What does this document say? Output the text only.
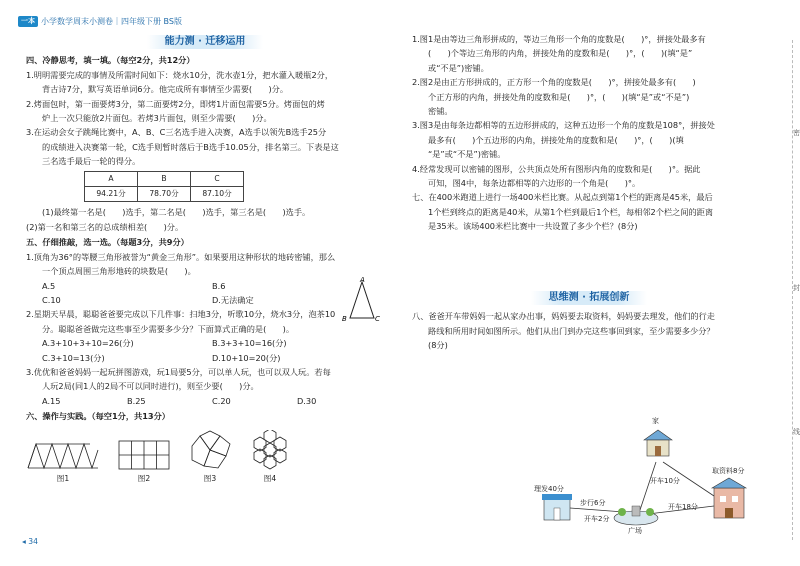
一本 小学数学周末小测卷｜四年级下册 BS版
能力测 · 迁移运用
四、冷静思考，填一填。（每空2分，共12分）

1.明明需要完成的事情及所需时间如下：烧水10分，洗水壶1分，把水灌入暖瓶2分，

背古诗7分，默写英语单词6分。他完成所有事情至少需要(　　)分。

2.烤面包时，第一面要烤3分，第二面要烤2分，即烤1片面包需要5分。烤面包的烤

炉上一次只能放2片面包。若烤3片面包，则至少需要(　　)分。

3.在运动会女子跳绳比赛中，A、B、C三名选手进入决赛，A选手以领先B选手25分

的成绩进入决赛第一轮，C选手则暂时落后于B选手10.05分，排名第三。下表是这

三名选手最后一轮的得分。

A	B	C
94.21分	78.70分	87.10分

(1)最终第一名是(　　)选手，第二名是(　　)选手，第三名是(　　)选手。

(2)第一名和第三名的总成绩相差(　　)分。

五、仔细推敲，选一选。（每题3分，共9分）

1.顶角为36°的等腰三角形被誉为“黄金三角形”。如果要用这种形状的地砖密铺，那么

一个顶点周围三角形地砖的块数是(　　)。

A.5	B.6
C.10	D.无法确定
A
B	C

2.星期天早晨，聪聪爸爸要完成以下几件事：扫地3分，听歌10分，烧水3分，泡茶10

分。聪聪爸爸做完这些事至少需要多少分？下面算式正确的是(　　)。

A.3+10+3+10=26(分)	B.3+3+10=16(分)
C.3+10=13(分)	D.10+10=20(分)

3.优优和爸爸妈妈一起玩拼图游戏，玩1局要5分，可以单人玩，也可以双人玩。若每

人玩2局(同1人的2局不可以同时进行)，则至少要(　　)分。

A.15	B.25	C.20	D.30
六、操作与实践。（每空1分，共13分）
图1	图2	图3	图4
◂ 34

1.图1是由等边三角形拼成的，等边三角形一个角的度数是(　　)°，拼接处最多有

(　　)个等边三角形的内角，拼接处角的度数和是(　　)°，(　　)(填“是”

或“不是”)密铺。

2.图2是由正方形拼成的，正方形一个角的度数是(　　)°，拼接处最多有(　　)

个正方形的内角，拼接处角的度数和是(　　)°，(　　)(填“是”或“不是”)

密铺。

3.图3是由每条边都相等的五边形拼成的，这种五边形一个角的度数是108°，拼接处

最多有(　　)个五边形的内角，拼接处角的度数和是(　　)°，(　　)(填

“是”或“不是”)密铺。

4.经常发现可以密铺的图形，公共顶点处所有图形内角的度数和是(　　)°。据此

可知，图4中，每条边都相等的六边形的一个角是(　　)°。

七、在400米跑道上进行一场400米栏比赛。从起点到第1个栏的距离是45米，最后

1个栏到终点的距离是40米，从第1个栏到最后1个栏，每相邻2个栏之间的距离

是35米。该场400米栏比赛中一共设置了多少个栏？(8分)

思维测 · 拓展创新

八、爸爸开车带妈妈一起从家办出事，妈妈要去取资料，妈妈要去理发，他们的行走

路线和所用时间如图所示。他们从出门到办完这些事回到家，至少需要多少分？

(8分)

家
理发40分
步行6分
开车2分
开车10分
开车18分
取资料8分
广场
密
封
线
